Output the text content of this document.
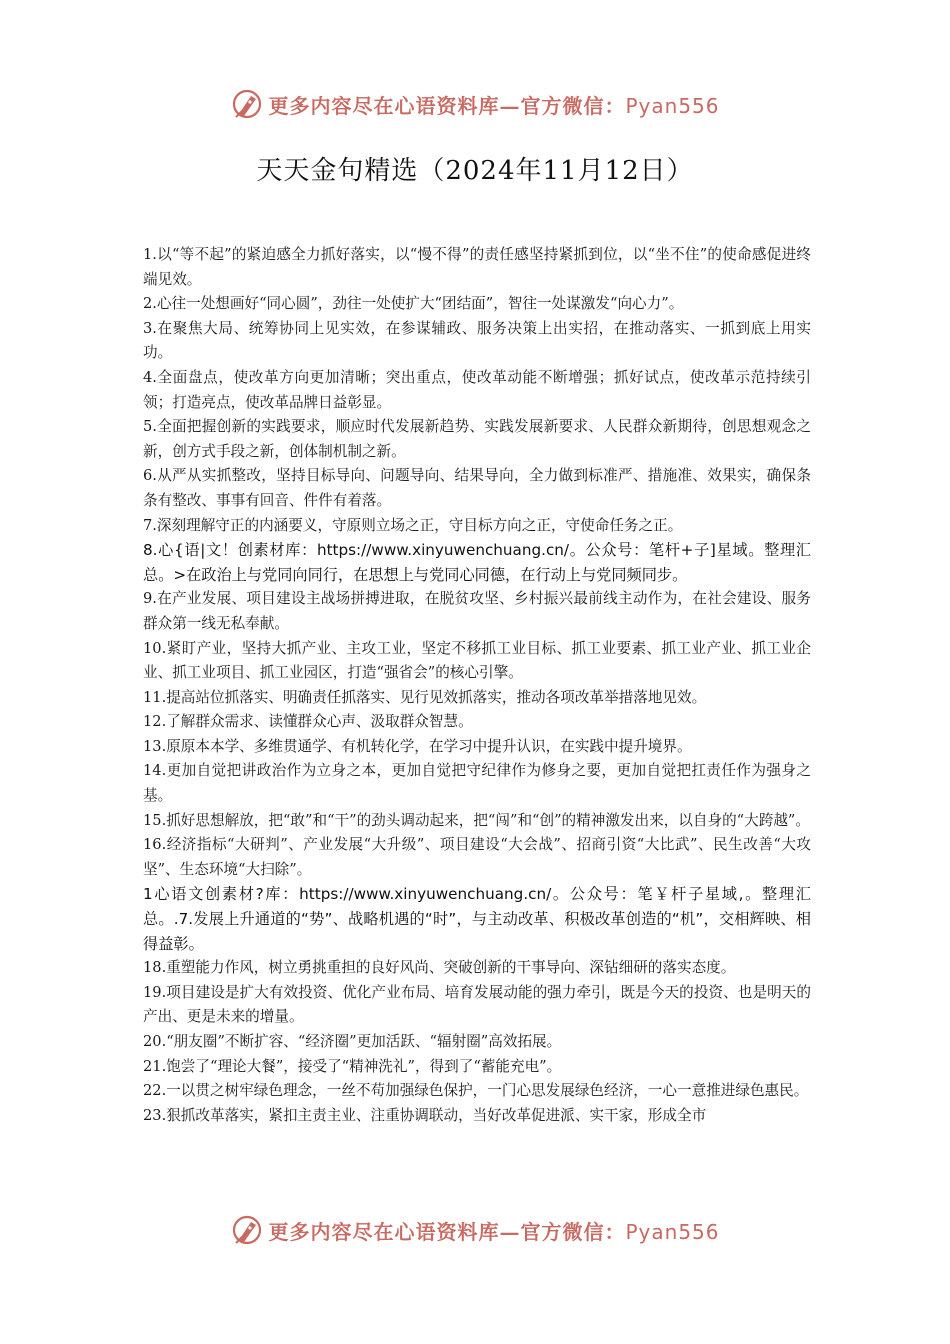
更多内容尽在心语资料库—官方微信：Pyan556
天天金句精选（2024年11月12日）

1.以“等不起”的紧迫感全力抓好落实，以“慢不得”的责任感坚持紧抓到位，以“坐不住”的使命感促进终端见效。

2.心往一处想画好“同心圆”，劲往一处使扩大“团结面”，智往一处谋激发“向心力”。

3.在聚焦大局、统筹协同上见实效，在参谋辅政、服务决策上出实招，在推动落实、一抓到底上用实功。

4.全面盘点，使改革方向更加清晰；突出重点，使改革动能不断增强；抓好试点，使改革示范持续引领；打造亮点，使改革品牌日益彰显。

5.全面把握创新的实践要求，顺应时代发展新趋势、实践发展新要求、人民群众新期待，创思想观念之新，创方式手段之新，创体制机制之新。

6.从严从实抓整改，坚持目标导向、问题导向、结果导向，全力做到标准严、措施准、效果实，确保条条有整改、事事有回音、件件有着落。

7.深刻理解守正的内涵要义，守原则立场之正，守目标方向之正，守使命任务之正。

8.心{语|文！创素材库：https://www.xinyuwenchuang.cn/。公众号：笔杆+子]星域。整理汇总。>在政治上与党同向同行，在思想上与党同心同德，在行动上与党同频同步。

9.在产业发展、项目建设主战场拼搏进取，在脱贫攻坚、乡村振兴最前线主动作为，在社会建设、服务群众第一线无私奉献。

10.紧盯产业，坚持大抓产业、主攻工业，坚定不移抓工业目标、抓工业要素、抓工业产业、抓工业企业、抓工业项目、抓工业园区，打造“强省会”的核心引擎。

11.提高站位抓落实、明确责任抓落实、见行见效抓落实，推动各项改革举措落地见效。

12.了解群众需求、读懂群众心声、汲取群众智慧。

13.原原本本学、多维贯通学、有机转化学，在学习中提升认识，在实践中提升境界。

14.更加自觉把讲政治作为立身之本，更加自觉把守纪律作为修身之要，更加自觉把扛责任作为强身之基。

15.抓好思想解放，把“敢”和“干”的劲头调动起来，把“闯”和“创”的精神激发出来，以自身的“大跨越”。

16.经济指标“大研判”、产业发展“大升级”、项目建设“大会战”、招商引资“大比武”、民生改善“大攻坚”、生态环境“大扫除”。

1心语文创素材?库：https://www.xinyuwenchuang.cn/。公众号：笔￥杆子星域,。整理汇总。.7.发展上升通道的“势”、战略机遇的“时”，与主动改革、积极改革创造的“机”，交相辉映、相得益彰。

18.重塑能力作风，树立勇挑重担的良好风尚、突破创新的干事导向、深钻细研的落实态度。

19.项目建设是扩大有效投资、优化产业布局、培育发展动能的强力牵引，既是今天的投资、也是明天的产出、更是未来的增量。

20.“朋友圈”不断扩容、“经济圈”更加活跃、“辐射圈”高效拓展。

21.饱尝了“理论大餐”，接受了“精神洗礼”，得到了“蓄能充电”。

22.一以贯之树牢绿色理念，一丝不苟加强绿色保护，一门心思发展绿色经济，一心一意推进绿色惠民。

23.狠抓改革落实，紧扣主责主业、注重协调联动，当好改革促进派、实干家，形成全市

更多内容尽在心语资料库—官方微信：Pyan556
